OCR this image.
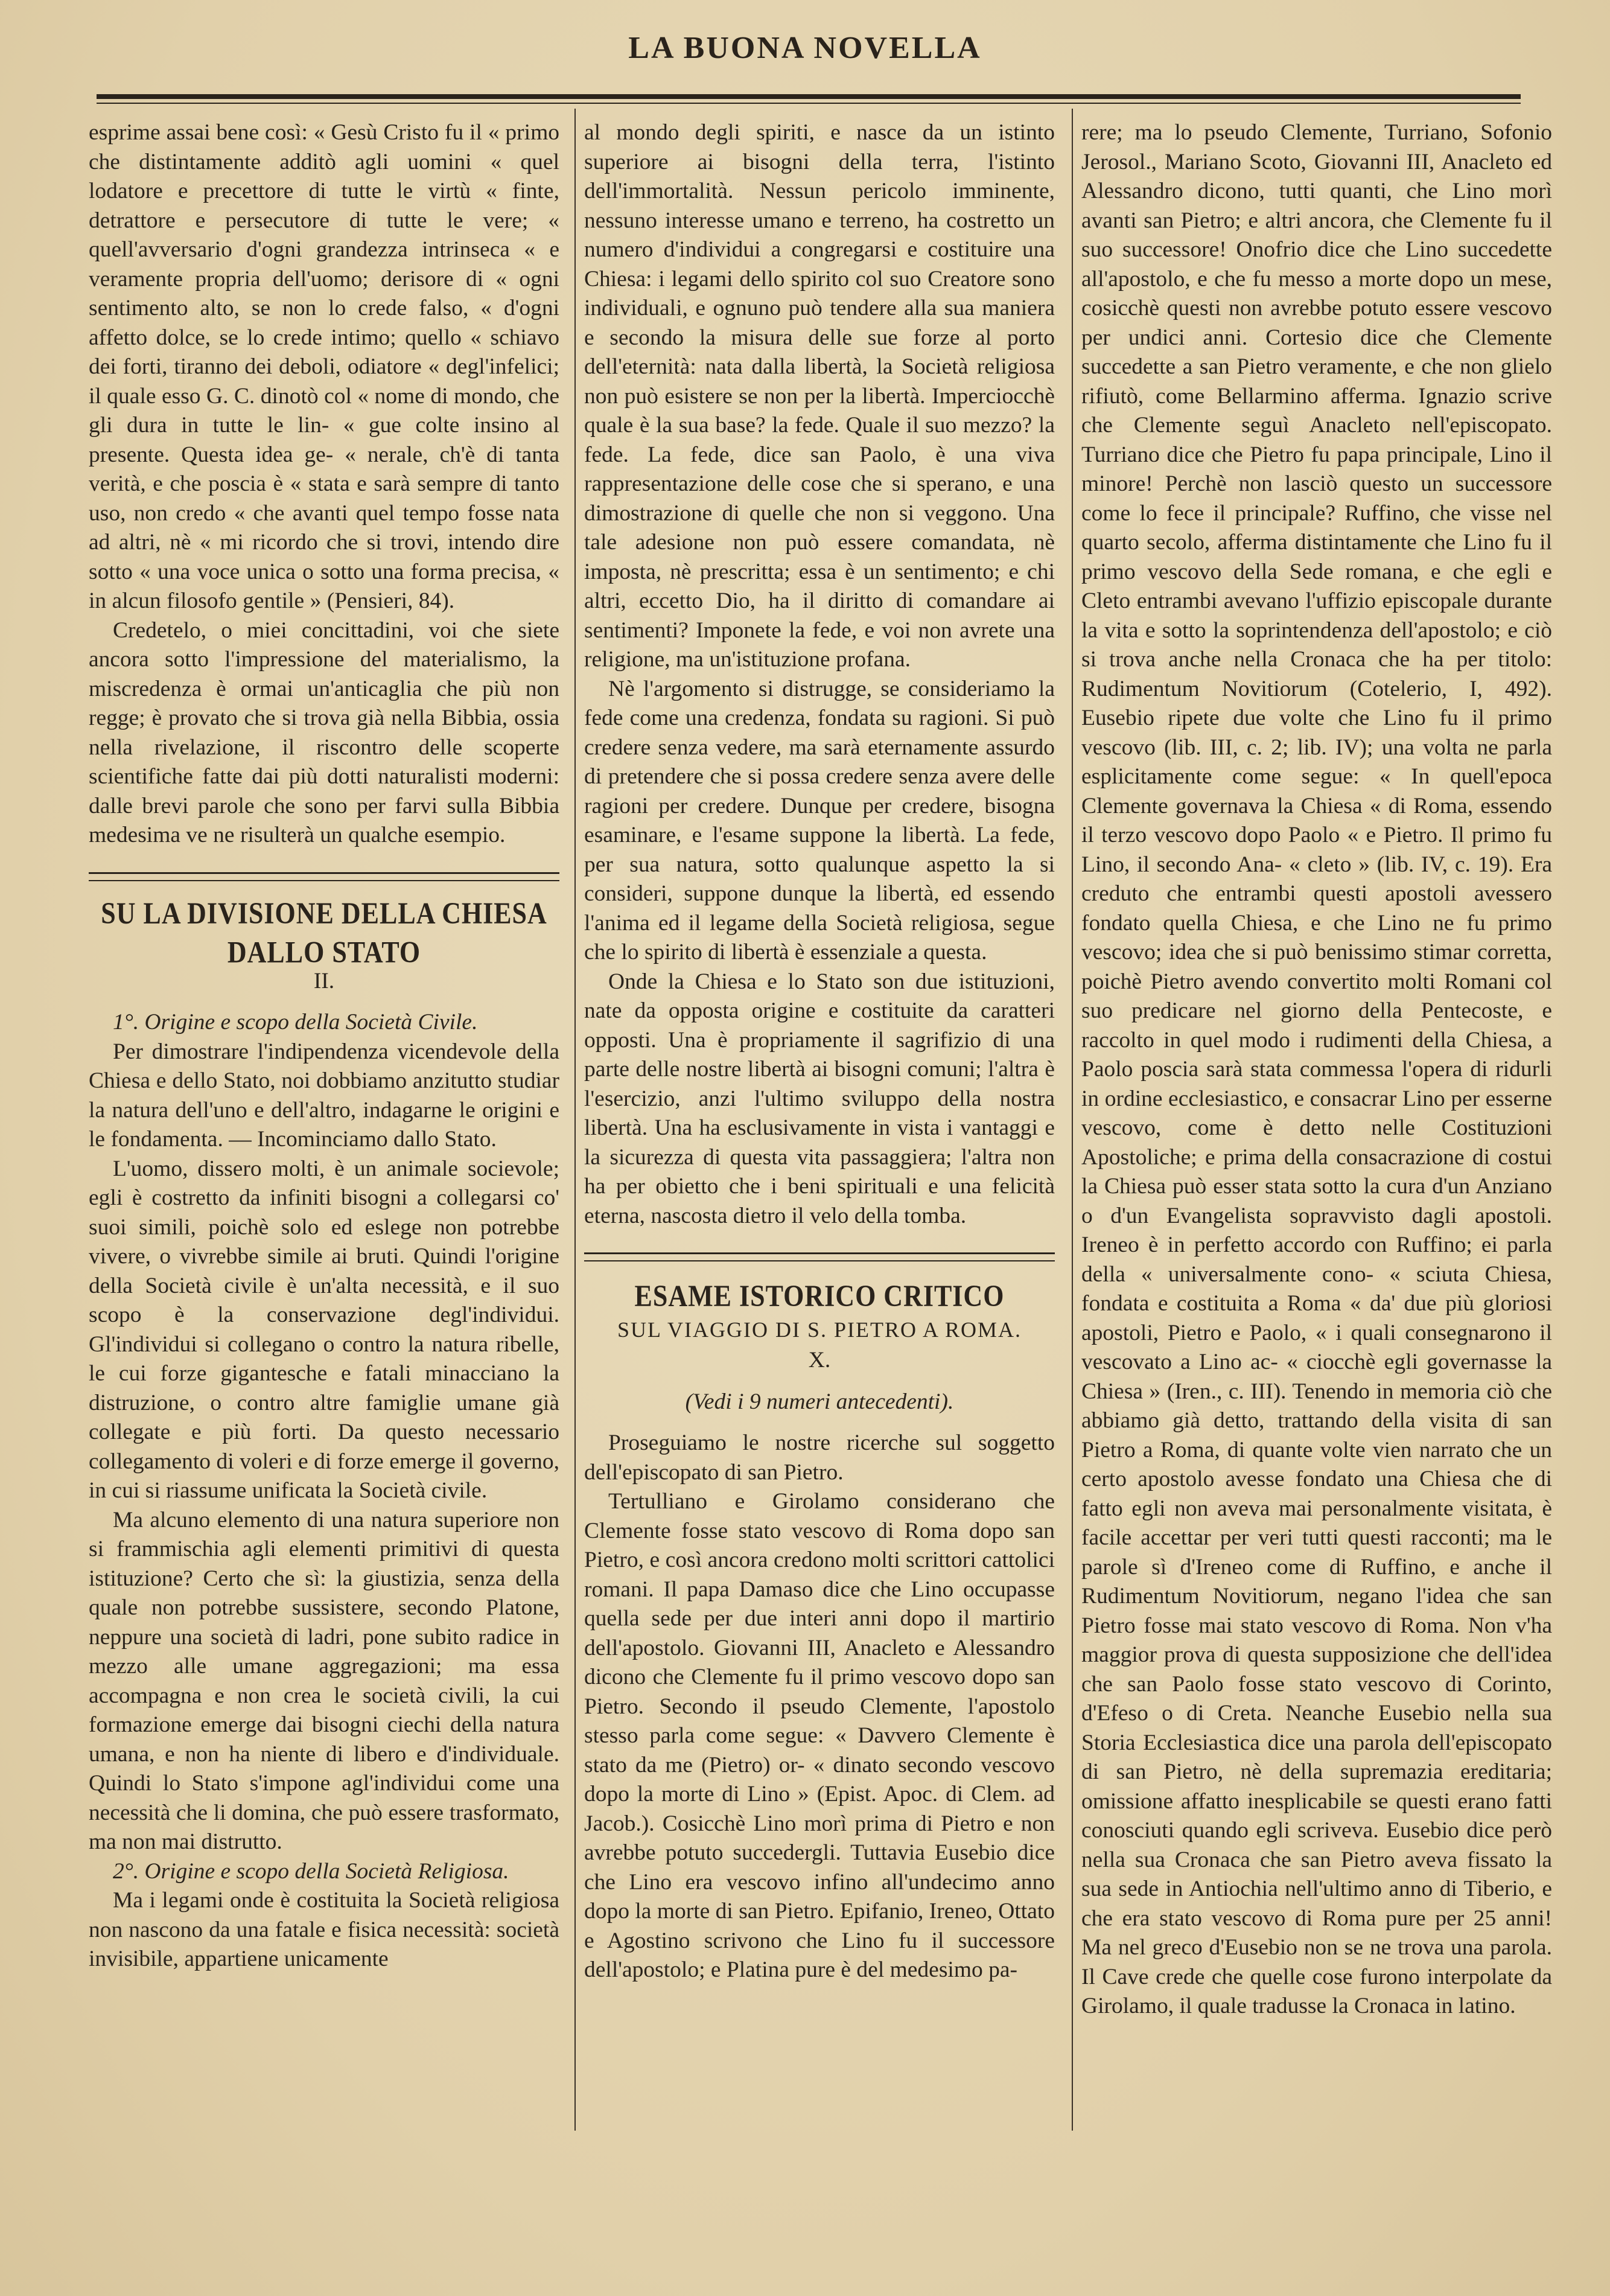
LA BUONA NOVELLA

esprime assai bene così: « Gesù Cristo fu il « primo che distintamente additò agli uomini « quel lodatore e precettore di tutte le virtù « finte, detrattore e persecutore di tutte le vere; « quell'avversario d'ogni grandezza intrinseca « e veramente propria dell'uomo; derisore di « ogni sentimento alto, se non lo crede falso, « d'ogni affetto dolce, se lo crede intimo; quello « schiavo dei forti, tiranno dei deboli, odiatore « degl'infelici; il quale esso G. C. dinotò col « nome di mondo, che gli dura in tutte le lin- « gue colte insino al presente. Questa idea ge- « nerale, ch'è di tanta verità, e che poscia è « stata e sarà sempre di tanto uso, non credo « che avanti quel tempo fosse nata ad altri, nè « mi ricordo che si trovi, intendo dire sotto « una voce unica o sotto una forma precisa, « in alcun filosofo gentile » (Pensieri, 84).

Credetelo, o miei concittadini, voi che siete ancora sotto l'impressione del materialismo, la miscredenza è ormai un'anticaglia che più non regge; è provato che si trova già nella Bibbia, ossia nella rivelazione, il riscontro delle scoperte scientifiche fatte dai più dotti naturalisti moderni: dalle brevi parole che sono per farvi sulla Bibbia medesima ve ne risulterà un qualche esempio.

SU LA DIVISIONE DELLA CHIESA DALLO STATO
II.

1°. Origine e scopo della Società Civile.

Per dimostrare l'indipendenza vicendevole della Chiesa e dello Stato, noi dobbiamo anzitutto studiar la natura dell'uno e dell'altro, indagarne le origini e le fondamenta. — Incominciamo dallo Stato.

L'uomo, dissero molti, è un animale socievole; egli è costretto da infiniti bisogni a collegarsi co' suoi simili, poichè solo ed eslege non potrebbe vivere, o vivrebbe simile ai bruti. Quindi l'origine della Società civile è un'alta necessità, e il suo scopo è la conservazione degl'individui. Gl'individui si collegano o contro la natura ribelle, le cui forze gigantesche e fatali minacciano la distruzione, o contro altre famiglie umane già collegate e più forti. Da questo necessario collegamento di voleri e di forze emerge il governo, in cui si riassume unificata la Società civile.

Ma alcuno elemento di una natura superiore non si frammischia agli elementi primitivi di questa istituzione? Certo che sì: la giustizia, senza della quale non potrebbe sussistere, secondo Platone, neppure una società di ladri, pone subito radice in mezzo alle umane aggregazioni; ma essa accompagna e non crea le società civili, la cui formazione emerge dai bisogni ciechi della natura umana, e non ha niente di libero e d'individuale. Quindi lo Stato s'impone agl'individui come una necessità che li domina, che può essere trasformato, ma non mai distrutto.

2°. Origine e scopo della Società Religiosa.

Ma i legami onde è costituita la Società religiosa non nascono da una fatale e fisica necessità: società invisibile, appartiene unicamente

al mondo degli spiriti, e nasce da un istinto superiore ai bisogni della terra, l'istinto dell'immortalità. Nessun pericolo imminente, nessuno interesse umano e terreno, ha costretto un numero d'individui a congregarsi e costituire una Chiesa: i legami dello spirito col suo Creatore sono individuali, e ognuno può tendere alla sua maniera e secondo la misura delle sue forze al porto dell'eternità: nata dalla libertà, la Società religiosa non può esistere se non per la libertà. Imperciocchè quale è la sua base? la fede. Quale il suo mezzo? la fede. La fede, dice san Paolo, è una viva rappresentazione delle cose che si sperano, e una dimostrazione di quelle che non si veggono. Una tale adesione non può essere comandata, nè imposta, nè prescritta; essa è un sentimento; e chi altri, eccetto Dio, ha il diritto di comandare ai sentimenti? Imponete la fede, e voi non avrete una religione, ma un'istituzione profana.

Nè l'argomento si distrugge, se consideriamo la fede come una credenza, fondata su ragioni. Si può credere senza vedere, ma sarà eternamente assurdo di pretendere che si possa credere senza avere delle ragioni per credere. Dunque per credere, bisogna esaminare, e l'esame suppone la libertà. La fede, per sua natura, sotto qualunque aspetto la si consideri, suppone dunque la libertà, ed essendo l'anima ed il legame della Società religiosa, segue che lo spirito di libertà è essenziale a questa.

Onde la Chiesa e lo Stato son due istituzioni, nate da opposta origine e costituite da caratteri opposti. Una è propriamente il sagrifizio di una parte delle nostre libertà ai bisogni comuni; l'altra è l'esercizio, anzi l'ultimo sviluppo della nostra libertà. Una ha esclusivamente in vista i vantaggi e la sicurezza di questa vita passaggiera; l'altra non ha per obietto che i beni spirituali e una felicità eterna, nascosta dietro il velo della tomba.

ESAME ISTORICO CRITICO
SUL VIAGGIO DI S. PIETRO A ROMA.
X.
(Vedi i 9 numeri antecedenti).

Proseguiamo le nostre ricerche sul soggetto dell'episcopato di san Pietro.

Tertulliano e Girolamo considerano che Clemente fosse stato vescovo di Roma dopo san Pietro, e così ancora credono molti scrittori cattolici romani. Il papa Damaso dice che Lino occupasse quella sede per due interi anni dopo il martirio dell'apostolo. Giovanni III, Anacleto e Alessandro dicono che Clemente fu il primo vescovo dopo san Pietro. Secondo il pseudo Clemente, l'apostolo stesso parla come segue: « Davvero Clemente è stato da me (Pietro) or- « dinato secondo vescovo dopo la morte di Lino » (Epist. Apoc. di Clem. ad Jacob.). Cosicchè Lino morì prima di Pietro e non avrebbe potuto succedergli. Tuttavia Eusebio dice che Lino era vescovo infino all'undecimo anno dopo la morte di san Pietro. Epifanio, Ireneo, Ottato e Agostino scrivono che Lino fu il successore dell'apostolo; e Platina pure è del medesimo pa-

rere; ma lo pseudo Clemente, Turriano, Sofonio Jerosol., Mariano Scoto, Giovanni III, Anacleto ed Alessandro dicono, tutti quanti, che Lino morì avanti san Pietro; e altri ancora, che Clemente fu il suo successore! Onofrio dice che Lino succedette all'apostolo, e che fu messo a morte dopo un mese, cosicchè questi non avrebbe potuto essere vescovo per undici anni. Cortesio dice che Clemente succedette a san Pietro veramente, e che non glielo rifiutò, come Bellarmino afferma. Ignazio scrive che Clemente seguì Anacleto nell'episcopato. Turriano dice che Pietro fu papa principale, Lino il minore! Perchè non lasciò questo un successore come lo fece il principale? Ruffino, che visse nel quarto secolo, afferma distintamente che Lino fu il primo vescovo della Sede romana, e che egli e Cleto entrambi avevano l'uffizio episcopale durante la vita e sotto la soprintendenza dell'apostolo; e ciò si trova anche nella Cronaca che ha per titolo: Rudimentum Novitiorum (Cotelerio, I, 492). Eusebio ripete due volte che Lino fu il primo vescovo (lib. III, c. 2; lib. IV); una volta ne parla esplicitamente come segue: « In quell'epoca Clemente governava la Chiesa « di Roma, essendo il terzo vescovo dopo Paolo « e Pietro. Il primo fu Lino, il secondo Ana- « cleto » (lib. IV, c. 19). Era creduto che entrambi questi apostoli avessero fondato quella Chiesa, e che Lino ne fu primo vescovo; idea che si può benissimo stimar corretta, poichè Pietro avendo convertito molti Romani col suo predicare nel giorno della Pentecoste, e raccolto in quel modo i rudimenti della Chiesa, a Paolo poscia sarà stata commessa l'opera di ridurli in ordine ecclesiastico, e consacrar Lino per esserne vescovo, come è detto nelle Costituzioni Apostoliche; e prima della consacrazione di costui la Chiesa può esser stata sotto la cura d'un Anziano o d'un Evangelista sopravvisto dagli apostoli. Ireneo è in perfetto accordo con Ruffino; ei parla della « universalmente cono- « sciuta Chiesa, fondata e costituita a Roma « da' due più gloriosi apostoli, Pietro e Paolo, « i quali consegnarono il vescovato a Lino ac- « ciocchè egli governasse la Chiesa » (Iren., c. III). Tenendo in memoria ciò che abbiamo già detto, trattando della visita di san Pietro a Roma, di quante volte vien narrato che un certo apostolo avesse fondato una Chiesa che di fatto egli non aveva mai personalmente visitata, è facile accettar per veri tutti questi racconti; ma le parole sì d'Ireneo come di Ruffino, e anche il Rudimentum Novitiorum, negano l'idea che san Pietro fosse mai stato vescovo di Roma. Non v'ha maggior prova di questa supposizione che dell'idea che san Paolo fosse stato vescovo di Corinto, d'Efeso o di Creta. Neanche Eusebio nella sua Storia Ecclesiastica dice una parola dell'episcopato di san Pietro, nè della supremazia ereditaria; omissione affatto inesplicabile se questi erano fatti conosciuti quando egli scriveva. Eusebio dice però nella sua Cronaca che san Pietro aveva fissato la sua sede in Antiochia nell'ultimo anno di Tiberio, e che era stato vescovo di Roma pure per 25 anni! Ma nel greco d'Eusebio non se ne trova una parola. Il Cave crede che quelle cose furono interpolate da Girolamo, il quale tradusse la Cronaca in latino.
